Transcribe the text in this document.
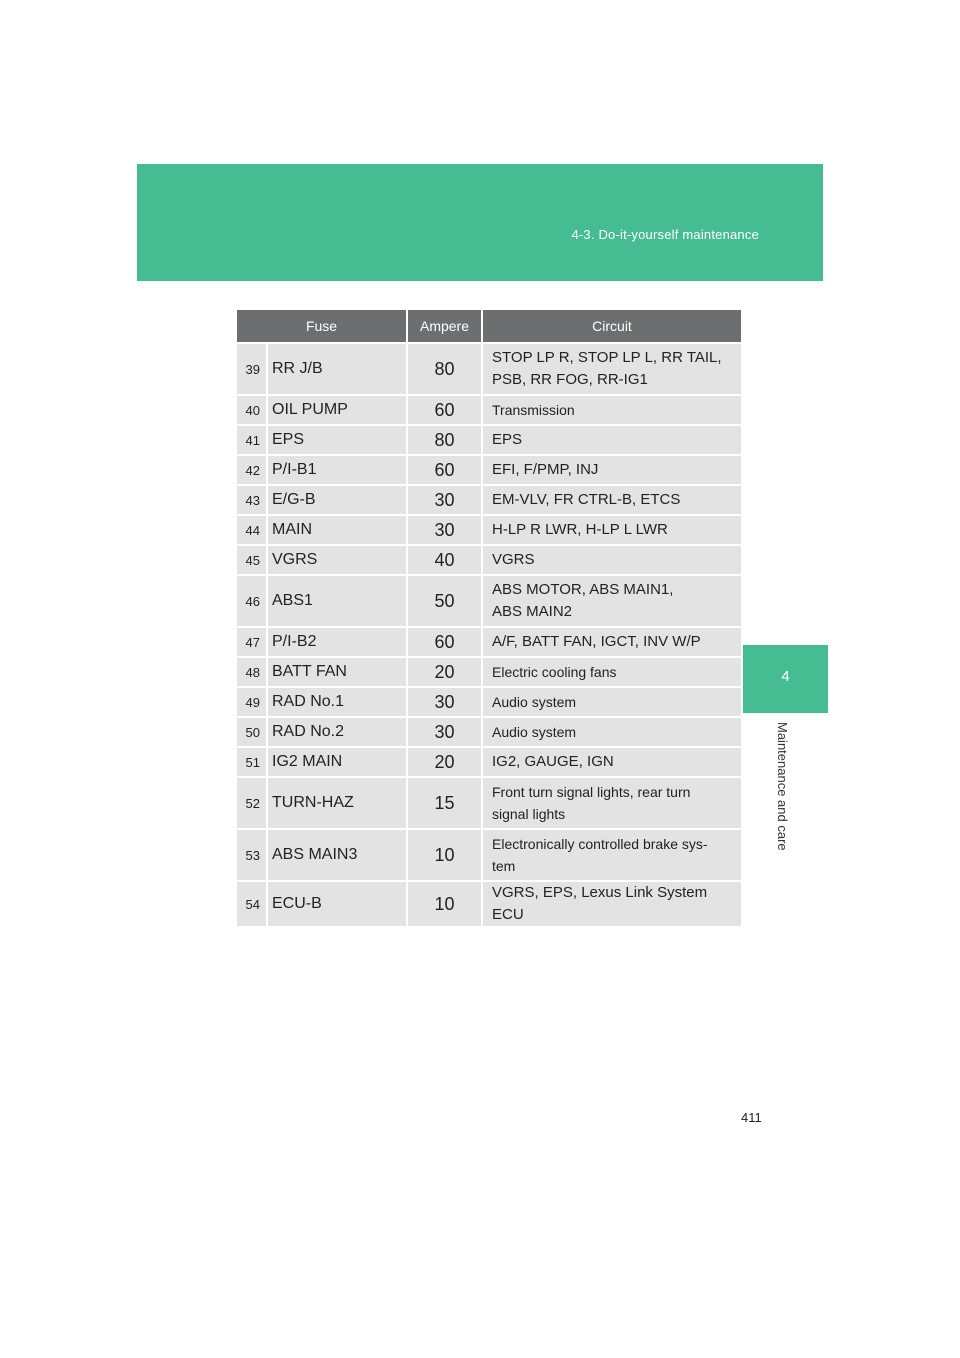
4-3. Do-it-yourself maintenance
4
Maintenance and care
Fuse		Ampere	Circuit
39	RR J/B	80	STOP LP R, STOP LP L, RR TAIL,
PSB, RR FOG, RR-IG1

40	OIL PUMP	60	Transmission

41	EPS	80	EPS

42	P/I-B1	60	EFI, F/PMP, INJ

43	E/G-B	30	EM-VLV, FR CTRL-B, ETCS

44	MAIN	30	H-LP R LWR, H-LP L LWR

45	VGRS	40	VGRS

46	ABS1	50	ABS MOTOR, ABS MAIN1,
ABS MAIN2

47	P/I-B2	60	A/F, BATT FAN, IGCT, INV W/P

48	BATT FAN	20	Electric cooling fans

49	RAD No.1	30	Audio system

50	RAD No.2	30	Audio system

51	IG2 MAIN	20	IG2, GAUGE, IGN

52	TURN-HAZ	15	Front turn signal lights, rear turn
signal lights

53	ABS MAIN3	10	Electronically controlled brake sys-
tem

54	ECU-B	10	VGRS, EPS, Lexus Link System ECU
411
